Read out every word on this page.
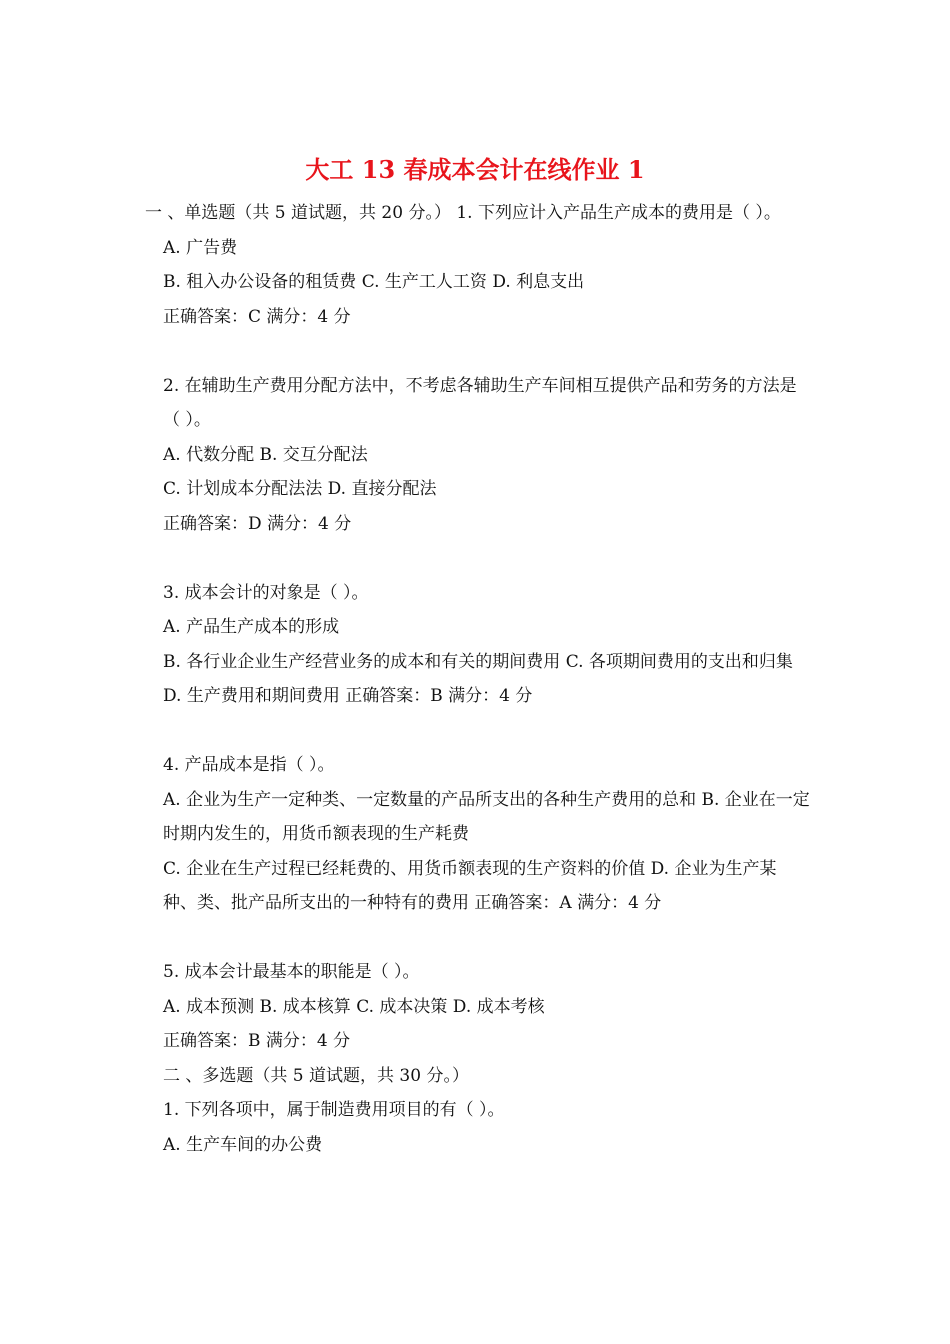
大工 13 春成本会计在线作业 1

一 、单选题（共 5 道试题，共 20 分。） 1. 下列应计入产品生产成本的费用是（ ）。

A. 广告费

B. 租入办公设备的租赁费 C. 生产工人工资 D. 利息支出

正确答案：C 满分：4 分

2. 在辅助生产费用分配方法中，不考虑各辅助生产车间相互提供产品和劳务的方法是（ ）。

A. 代数分配 B. 交互分配法

C. 计划成本分配法法 D. 直接分配法

正确答案：D 满分：4 分

3. 成本会计的对象是（ ）。

A. 产品生产成本的形成

B. 各行业企业生产经营业务的成本和有关的期间费用 C. 各项期间费用的支出和归集 D. 生产费用和期间费用 正确答案：B 满分：4 分

4. 产品成本是指（ ）。

A. 企业为生产一定种类、一定数量的产品所支出的各种生产费用的总和 B. 企业在一定时期内发生的，用货币额表现的生产耗费

C. 企业在生产过程已经耗费的、用货币额表现的生产资料的价值 D. 企业为生产某种、类、批产品所支出的一种特有的费用 正确答案：A 满分：4 分

5. 成本会计最基本的职能是（ ）。

A. 成本预测 B. 成本核算 C. 成本决策 D. 成本考核

正确答案：B 满分：4 分

二 、多选题（共 5 道试题，共 30 分。）

1. 下列各项中，属于制造费用项目的有（ ）。

A. 生产车间的办公费
